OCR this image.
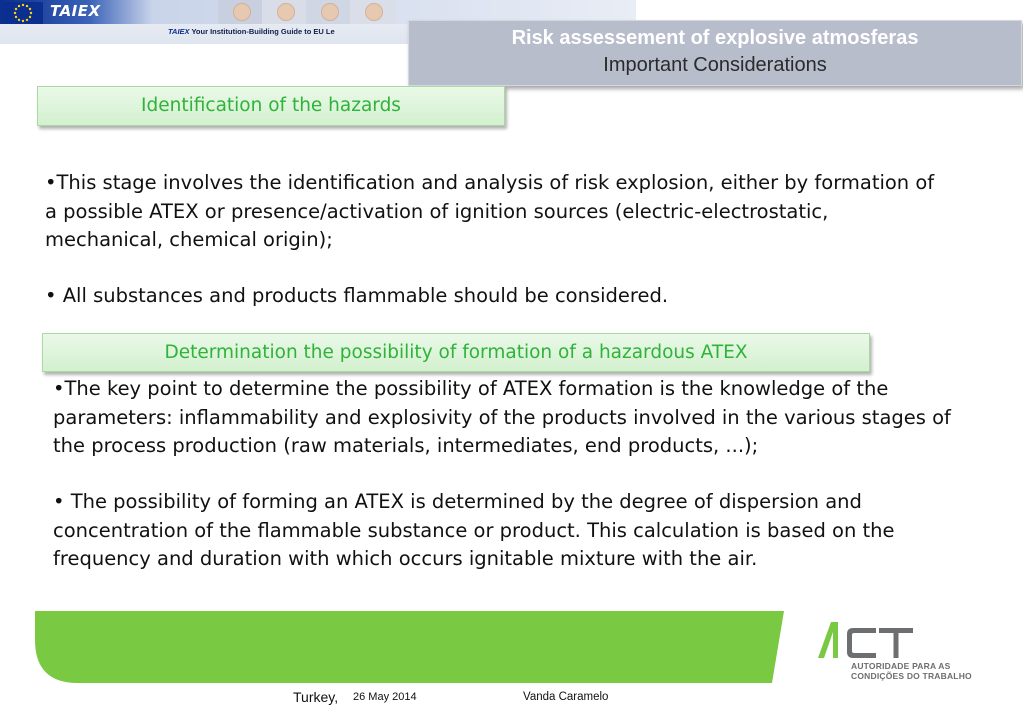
TAIEX
TAIEX Your Institution-Building Guide to EU Le	Risk assessement of explosive atmosferas
Important Considerations
Identification of the hazards

•This stage involves the identification and analysis of risk explosion, either by formation of a possible ATEX or presence/activation of ignition sources (electric-electrostatic, mechanical, chemical origin);

• All substances and products flammable should be considered.

Determination the possibility of formation of a hazardous ATEX

•The key point to determine the possibility of ATEX formation is the knowledge of the parameters: inflammability and explosivity of the products involved in the various stages of the process production (raw materials, intermediates, end products, ...);

• The possibility of forming an ATEX is determined by the degree of dispersion and concentration of the flammable substance or product. This calculation is based on the frequency and duration with which occurs ignitable mixture with the air.

AUTORIDADE PARA AS
CONDIÇÕES DO TRABALHO
Turkey, 26 May 2014	Vanda Caramelo
